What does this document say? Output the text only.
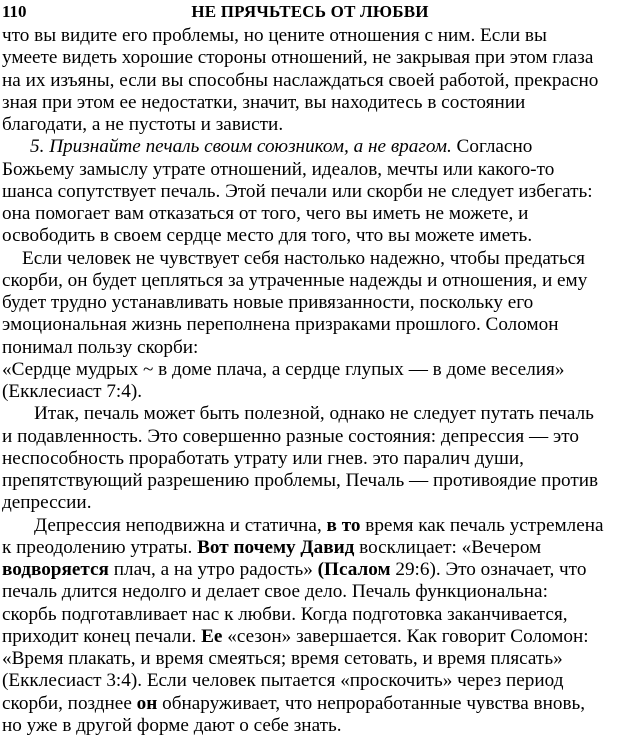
110	НЕ ПРЯЧЬТЕСЬ ОТ ЛЮБВИ
что вы видите его проблемы, но цените отношения с ним. Если вы
умеете видеть хорошие стороны отношений, не закрывая при этом глаза
на их изъяны, если вы способны наслаждаться своей работой, прекрасно
зная при этом ее недостатки, значит, вы находитесь в состоянии
благодати, а не пустоты и зависти.
5. Признайте печаль своим союзником, а не врагом. Согласно
Божьему замыслу утрате отношений, идеалов, мечты или какого-то
шанса сопутствует печаль. Этой печали или скорби не следует избегать:
она помогает вам отказаться от того, чего вы иметь не можете, и
освободить в своем сердце место для того, что вы можете иметь.
Если человек не чувствует себя настолько надежно, чтобы предаться
скорби, он будет цепляться за утраченные надежды и отношения, и ему
будет трудно устанавливать новые привязанности, поскольку его
эмоциональная жизнь переполнена призраками прошлого. Соломон
понимал пользу скорби:
«Сердце мудрых ~ в доме плача, а сердце глупых — в доме веселия»
(Екклесиаст 7:4).
Итак, печаль может быть полезной, однако не следует путать печаль
и подавленность. Это совершенно разные состояния: депрессия — это
неспособность проработать утрату или гнев. это паралич души,
препятствующий разрешению проблемы, Печаль — противоядие против
депрессии.
Депрессия неподвижна и статична, в то время как печаль устремлена
к преодолению утраты. Вот почему Давид восклицает: «Вечером
водворяется плач, а на утро радость» (Псалом 29:6). Это означает, что
печаль длится недолго и делает свое дело. Печаль функциональна:
скорбь подготавливает нас к любви. Когда подготовка заканчивается,
приходит конец печали. Ее «сезон» завершается. Как говорит Соломон:
«Время плакать, и время смеяться; время сетовать, и время плясать»
(Екклесиаст 3:4). Если человек пытается «проскочить» через период
скорби, позднее он обнаруживает, что непроработанные чувства вновь,
но уже в другой форме дают о себе знать.
